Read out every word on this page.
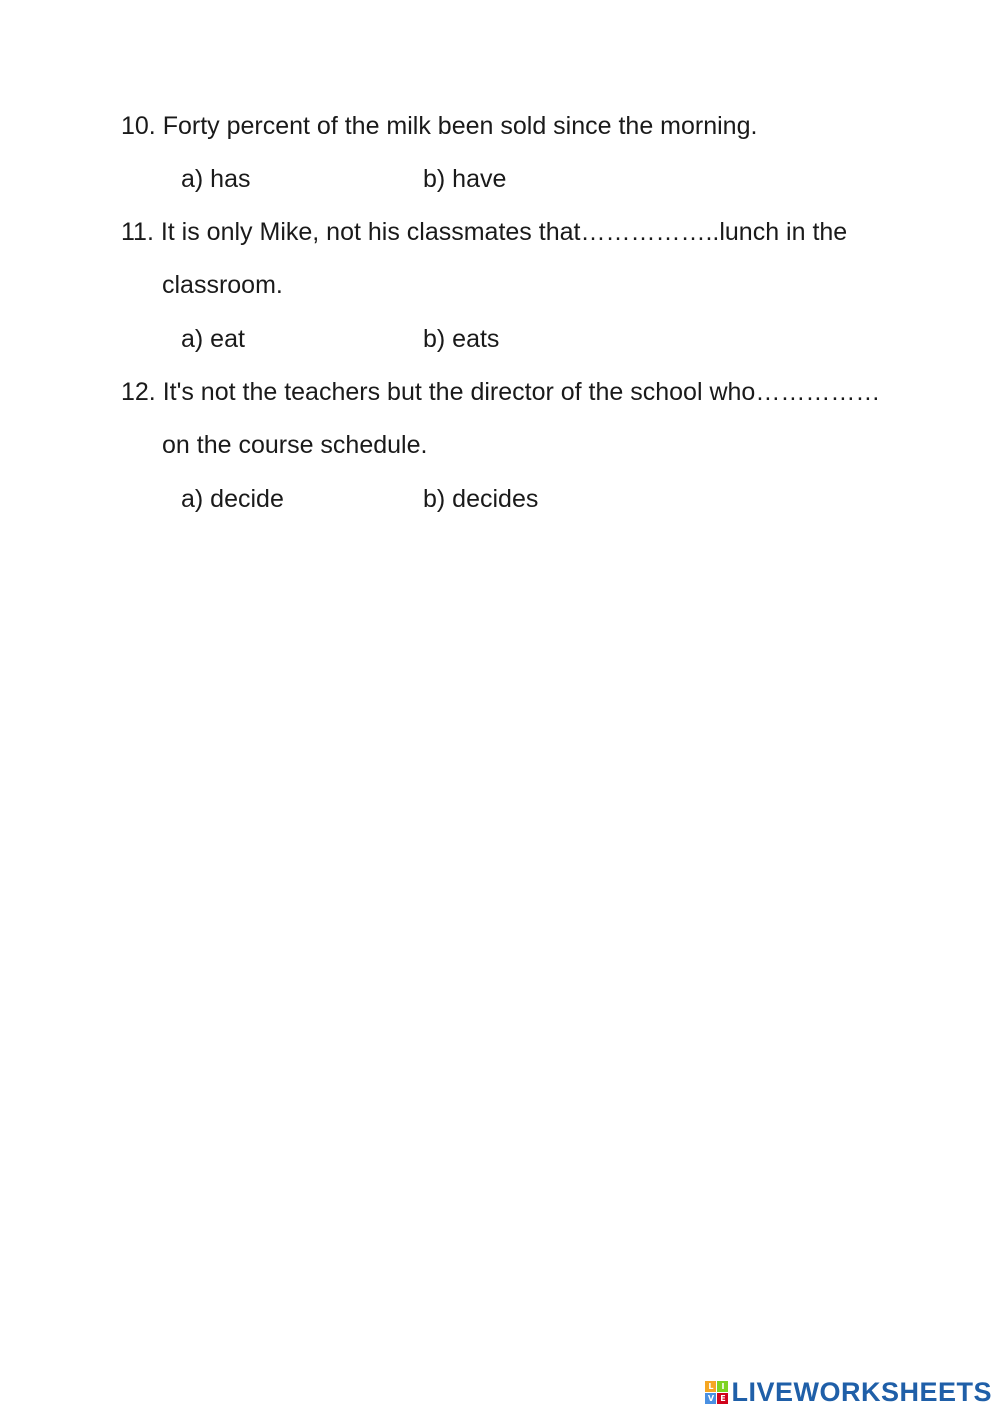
10. Forty percent of the milk been sold since the morning.
a) has	b) have
11. It is only Mike, not his classmates that……………..lunch in the
classroom.
a) eat	b) eats
12. It's not the teachers but the director of the school who……………
on the course schedule.
a) decide	b) decides
L I
V E LIVEWORKSHEETS
